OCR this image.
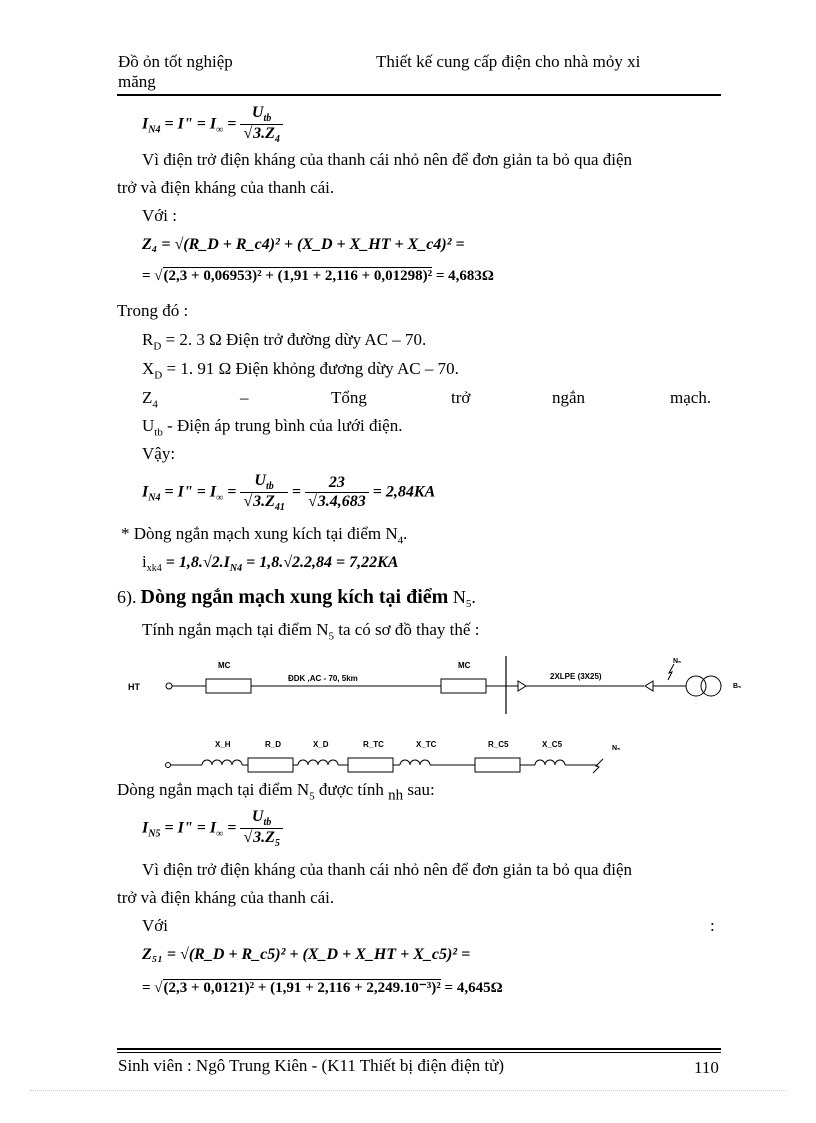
Đồ ỏn tốt nghiệp
măng
Thiết kế cung cấp điện cho nhà mỏy xi
$I_{N4} = I$" = $I_\infty = \frac{U_{tb}}{√3.Z_4}$
Vì điện trở điện kháng của thanh cái nhỏ nên để đơn giản ta bỏ qua điện
trở và điện kháng của thanh cái.
Với :
Z₄ = √(R_D + R_c4)² + (X_D + X_HT + X_c4)² =
= √(2,3 + 0,06953)² + (1,91 + 2,116 + 0,01298)² = 4,683Ω
Trong đó :
$R_D = 2$. 3 Ω Điện trở đường dừy AC – 70.
$X_D = 1$. 91 Ω Điện khỏng đương dừy AC – 70.
$Z_4$	–	Tổng	trở	ngắn	mạch.
$U_{tb}$ - Điện áp trung bình của lưới điện.
Vậy:
$I_{N4} = I$" = $I_\infty = \frac{U_{tb}}{√3.Z_{41}} = \frac{23}{√3.4,683} = 2,84KA$
* Dòng ngắn mạch xung kích tại điểm $N_4$.
$i_{xk4} = 1,8.√2.I_{N4} = 1,8.√2.2,84 = 7,22KA$
6). Dòng ngắn mạch xung kích tại điểm $N_5$.
Tính ngắn mạch tại điểm $N_5$ ta có sơ đồ thay thế :
HT
MC
ĐDK ,AC - 70, 5km
MC
2XLPE (3X25)
N₅
B₅
X_H	R_D	X_D	R_TC	X_TC	R_C5	X_C5	N₅
Dòng ngắn mạch tại điểm $N_5$ được tính $_{nh}$ sau:
$I_{N5} = I$" = $I_\infty = \frac{U_{tb}}{√3.Z_5}$
Vì điện trở điện kháng của thanh cái nhỏ nên để đơn giản ta bỏ qua điện
trở và điện kháng của thanh cái.
Với	:
Z₅₁ = √(R_D + R_c5)² + (X_D + X_HT + X_c5)² =
= √(2,3 + 0,0121)² + (1,91 + 2,116 + 2,249.10⁻³)² = 4,645Ω
Sinh viên : Ngô Trung Kiên - (K11 Thiết bị điện điện tử)	110
